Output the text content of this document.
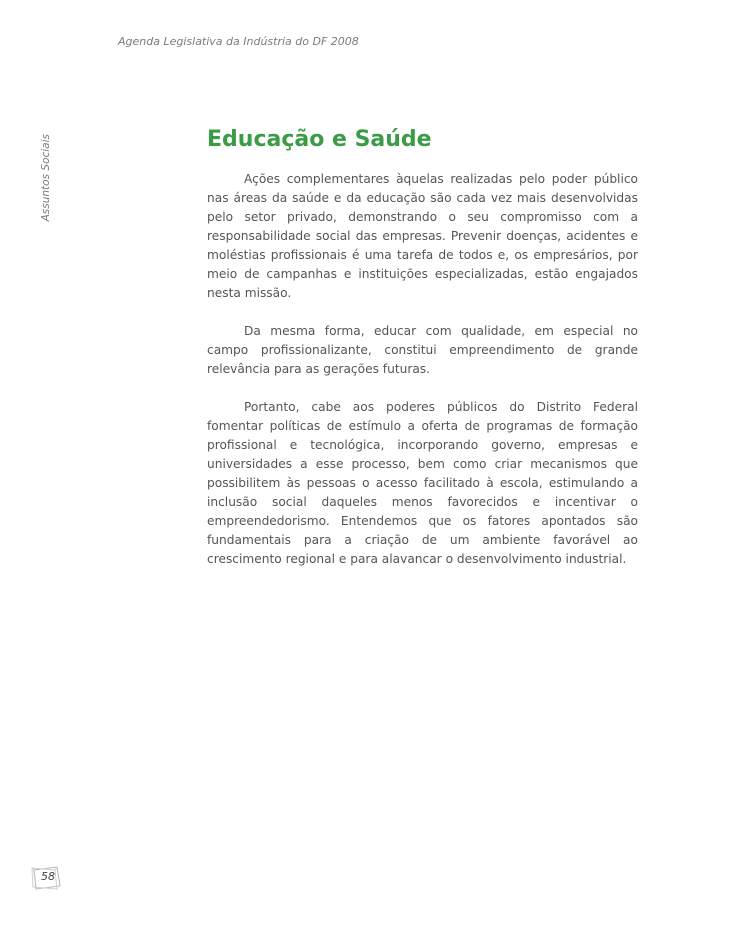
Agenda Legislativa da Indústria do DF 2008
Assuntos Sociais	Educação e Saúde

Ações complementares àquelas realizadas pelo poder público nas áreas da saúde e da educação são cada vez mais desenvolvidas pelo setor privado, demonstrando o seu compromisso com a responsabilidade social das empresas. Prevenir doenças, acidentes e moléstias profissionais é uma tarefa de todos e, os empresários, por meio de campanhas e instituições especializadas, estão engajados nesta missão.

Da mesma forma, educar com qualidade, em especial no campo profissionalizante, constitui empreendimento de grande relevância para as gerações futuras.

Portanto, cabe aos poderes públicos do Distrito Federal fomentar políticas de estímulo a oferta de programas de formação profissional e tecnológica, incorporando governo, empresas e universidades a esse processo, bem como criar mecanismos que possibilitem às pessoas o acesso facilitado à escola, estimulando a inclusão social daqueles menos favorecidos e incentivar o empreendedorismo. Entendemos que os fatores apontados são fundamentais para a criação de um ambiente favorável ao crescimento regional e para alavancar o desenvolvimento industrial.

58
